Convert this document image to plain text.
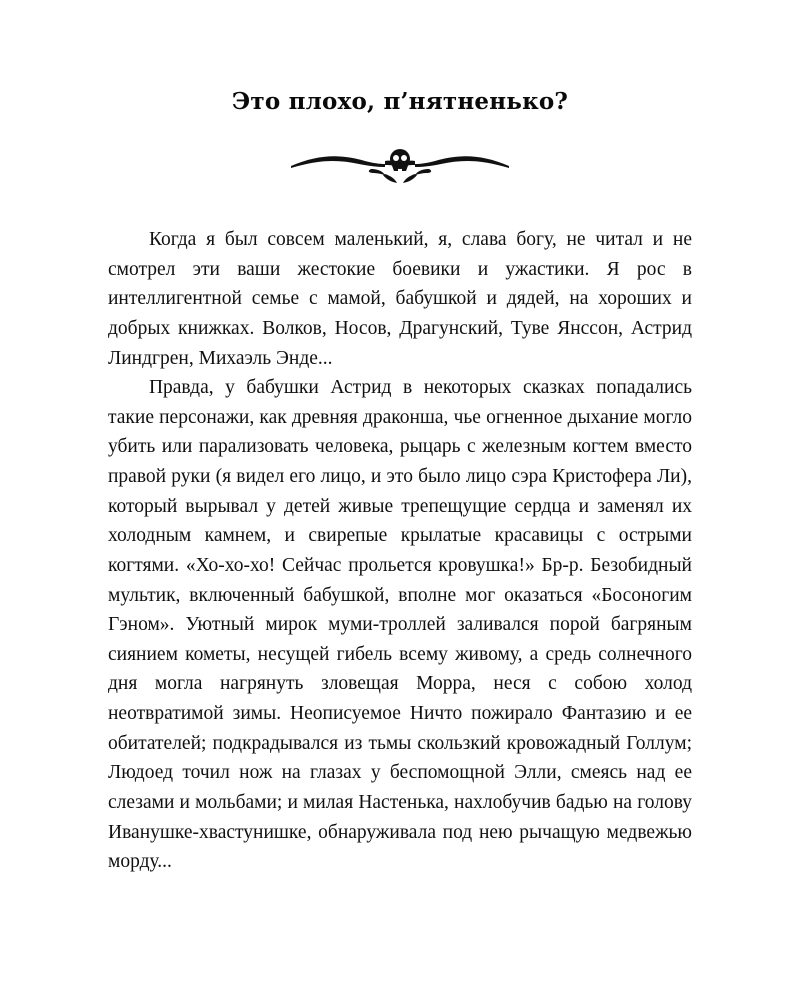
Это плохо, п’нятненько?

Когда я был совсем маленький, я, слава богу, не читал и не смотрел эти ваши жестокие боевики и ужастики. Я рос в интеллигентной семье с мамой, бабушкой и дядей, на хороших и добрых книжках. Волков, Носов, Драгунский, Туве Янссон, Астрид Линдгрен, Михаэль Энде...

Правда, у бабушки Астрид в некоторых сказках попадались такие персонажи, как древняя драконша, чье огненное дыхание могло убить или парализовать человека, рыцарь с железным когтем вместо правой руки (я видел его лицо, и это было лицо сэра Кристофера Ли), который вырывал у детей живые трепещущие сердца и заменял их холодным камнем, и свирепые крылатые красавицы с острыми когтями. «Хо-хо-хо! Сейчас прольется кровушка!» Бр-р. Безобидный мультик, включенный бабушкой, вполне мог оказаться «Босоногим Гэном». Уютный мирок муми-троллей заливался порой багряным сиянием кометы, несущей гибель всему живому, а средь солнечного дня могла нагрянуть зловещая Морра, неся с собою холод неотвратимой зимы. Неописуемое Ничто пожирало Фантазию и ее обитателей; подкрадывался из тьмы скользкий кровожадный Голлум; Людоед точил нож на глазах у беспомощной Элли, смеясь над ее слезами и мольбами; и милая Настенька, нахлобучив бадью на голову Иванушке-хвастунишке, обнаруживала под нею рычащую медвежью морду...
